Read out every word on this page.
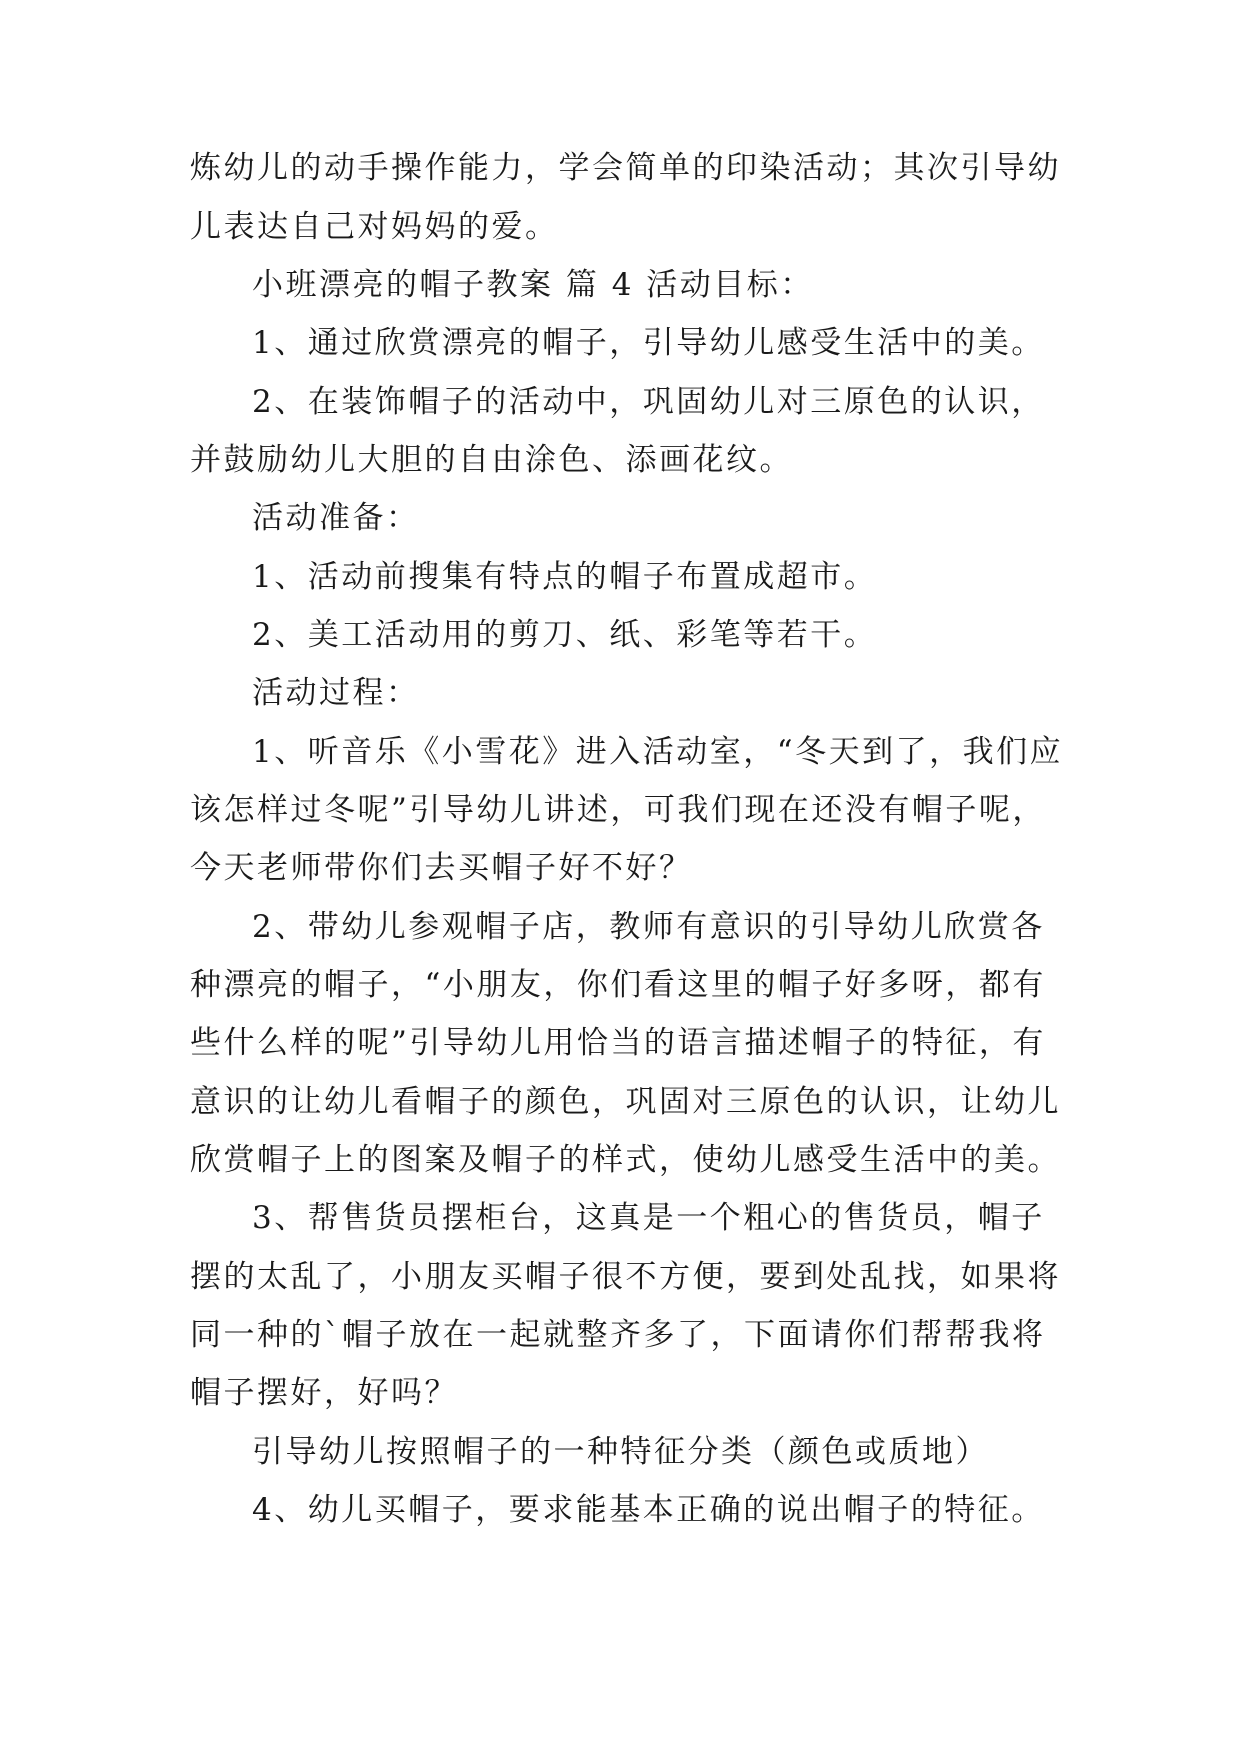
炼幼儿的动手操作能力，学会简单的印染活动；其次引导幼
儿表达自己对妈妈的爱。
小班漂亮的帽子教案 篇 4 活动目标：
1、通过欣赏漂亮的帽子，引导幼儿感受生活中的美。
2、在装饰帽子的活动中，巩固幼儿对三原色的认识，
并鼓励幼儿大胆的自由涂色、添画花纹。
活动准备：
1、活动前搜集有特点的帽子布置成超市。
2、美工活动用的剪刀、纸、彩笔等若干。
活动过程：
1、听音乐《小雪花》进入活动室，“冬天到了，我们应
该怎样过冬呢”引导幼儿讲述，可我们现在还没有帽子呢，
今天老师带你们去买帽子好不好？
2、带幼儿参观帽子店，教师有意识的引导幼儿欣赏各
种漂亮的帽子，“小朋友，你们看这里的帽子好多呀，都有
些什么样的呢”引导幼儿用恰当的语言描述帽子的特征，有
意识的让幼儿看帽子的颜色，巩固对三原色的认识，让幼儿
欣赏帽子上的图案及帽子的样式，使幼儿感受生活中的美。
3、帮售货员摆柜台，这真是一个粗心的售货员，帽子
摆的太乱了，小朋友买帽子很不方便，要到处乱找，如果将
同一种的`帽子放在一起就整齐多了，下面请你们帮帮我将
帽子摆好，好吗？
引导幼儿按照帽子的一种特征分类（颜色或质地）
4、幼儿买帽子，要求能基本正确的说出帽子的特征。
